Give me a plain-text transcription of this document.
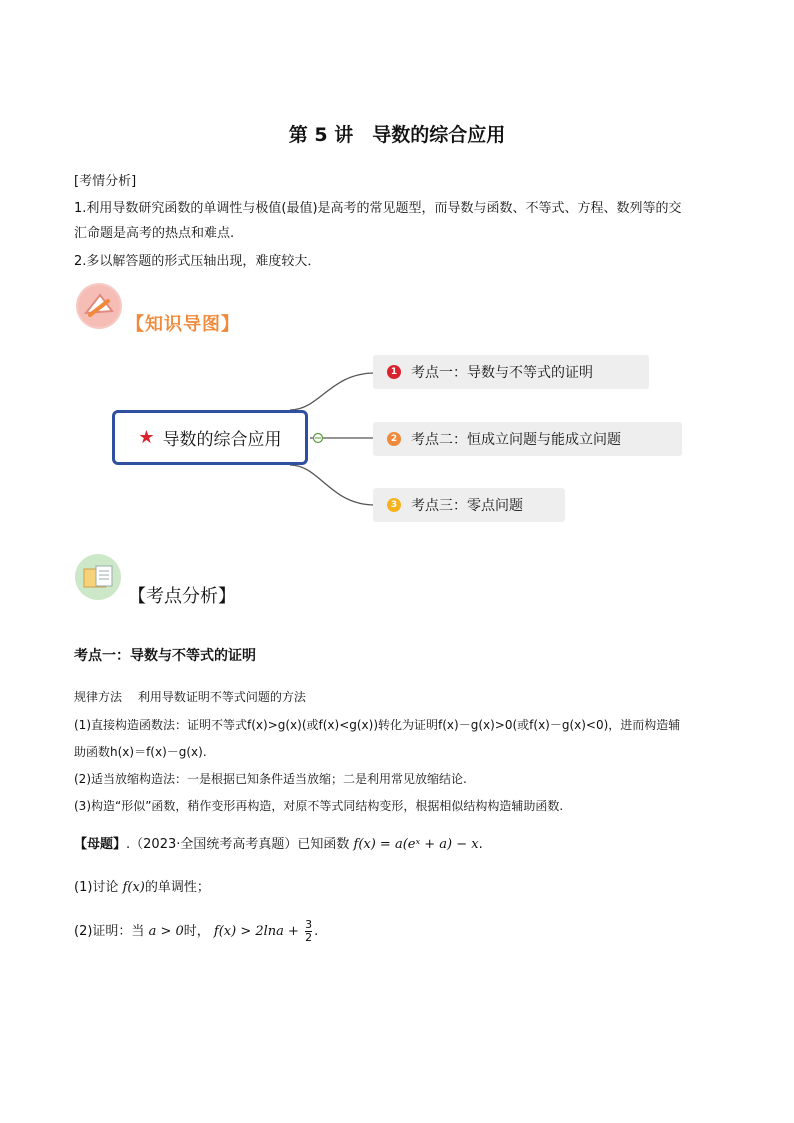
第 5 讲　导数的综合应用
[考情分析]
1.利用导数研究函数的单调性与极值(最值)是高考的常见题型，而导数与函数、不等式、方程、数列等的交
汇命题是高考的热点和难点.
2.多以解答题的形式压轴出现，难度较大．
【知识导图】
★ 导数的综合应用
1 考点一：导数与不等式的证明
2 考点二：恒成立问题与能成立问题
3 考点三：零点问题
【考点分析】
考点一：导数与不等式的证明
规律方法 利用导数证明不等式问题的方法
(1)直接构造函数法：证明不等式f(x)>g(x)(或f(x)<g(x))转化为证明f(x)－g(x)>0(或f(x)－g(x)<0)，进而构造辅
助函数h(x)＝f(x)－g(x).
(2)适当放缩构造法：一是根据已知条件适当放缩；二是利用常见放缩结论.
(3)构造“形似”函数，稍作变形再构造，对原不等式同结构变形，根据相似结构构造辅助函数.
【母题】.（2023·全国统考高考真题）已知函数 f(x) = a(eˣ + a) − x.
(1)讨论 f(x)的单调性；
(2)证明：当 a > 0时， $f(x) > 2\ln a + \frac{3}{2}$ .
